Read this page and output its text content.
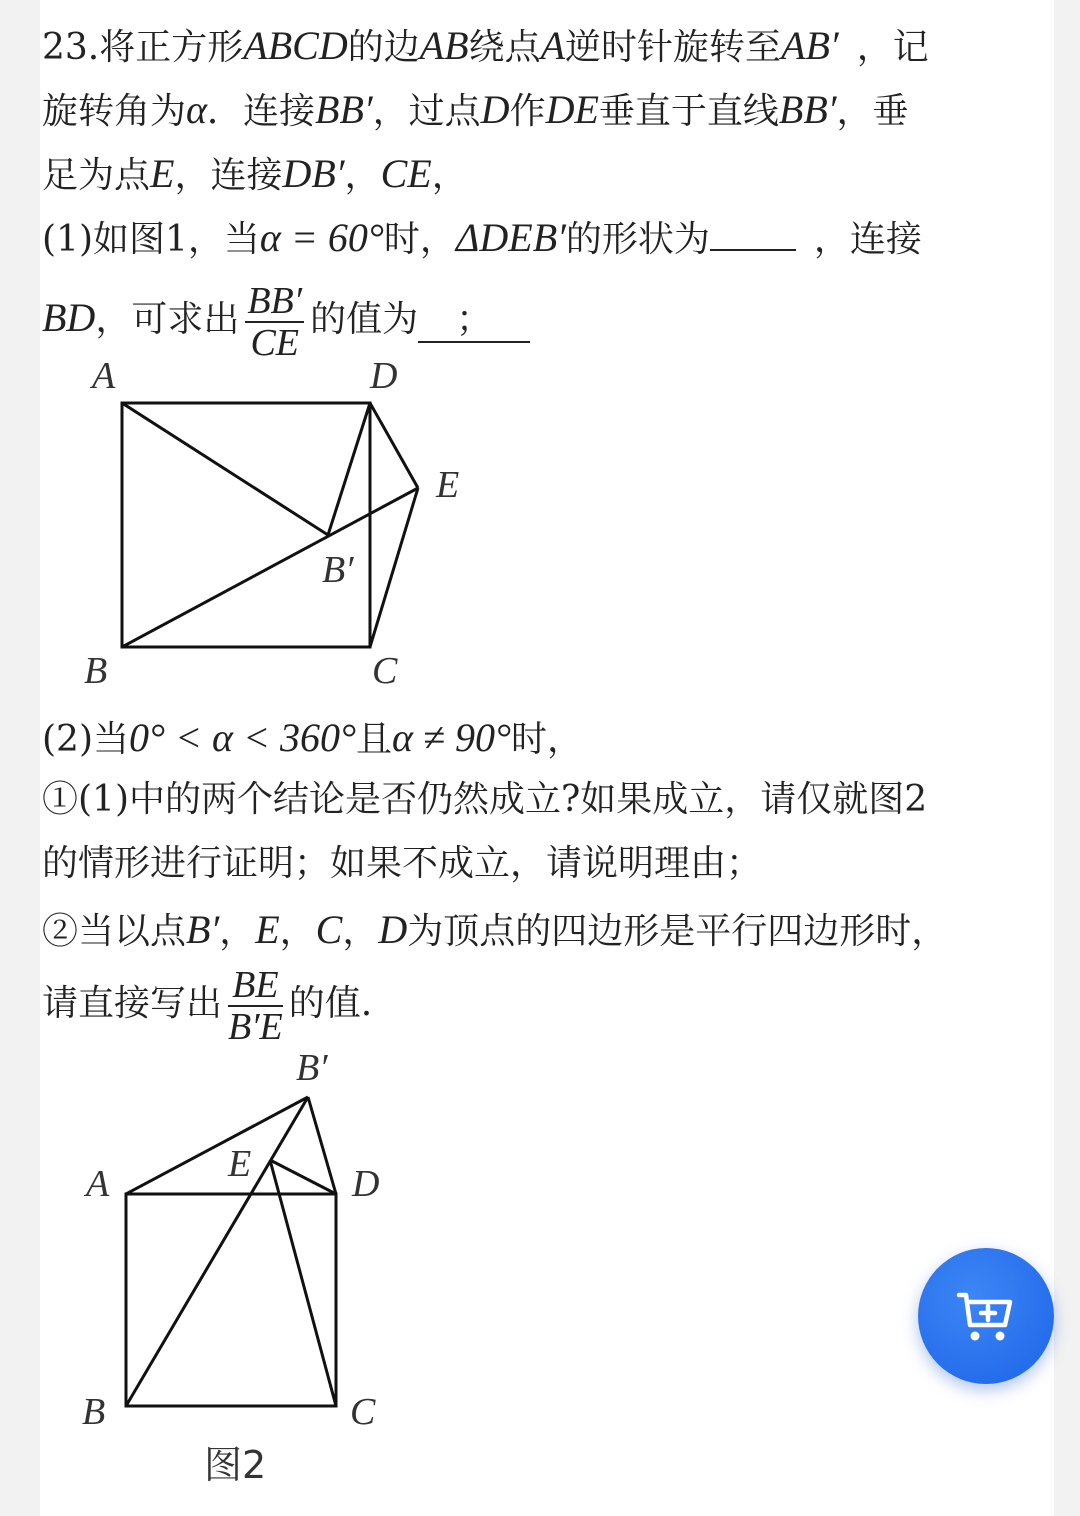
23.将正方形ABCD的边AB绕点A逆时针旋转至AB′ ，记
旋转角为α．连接BB′，过点D作DE垂直于直线BB′，垂
足为点E，连接DB′，CE，
(1)如图1，当α = 60°时，ΔDEB′的形状为	，连接
BD，可求出 $\frac{BB'}{CE}$ 的值为 ；
(2)当0° < α < 360°且α ≠ 90°时，
①(1)中的两个结论是否仍然成立?如果成立，请仅就图2
的情形进行证明；如果不成立，请说明理由；
②当以点B′，E，C，D为顶点的四边形是平行四边形时，
请直接写出 $\frac{BE}{B'E}$ 的值.
A	D
E
B′
B	C
B′
A	E	D
B	C
图2
